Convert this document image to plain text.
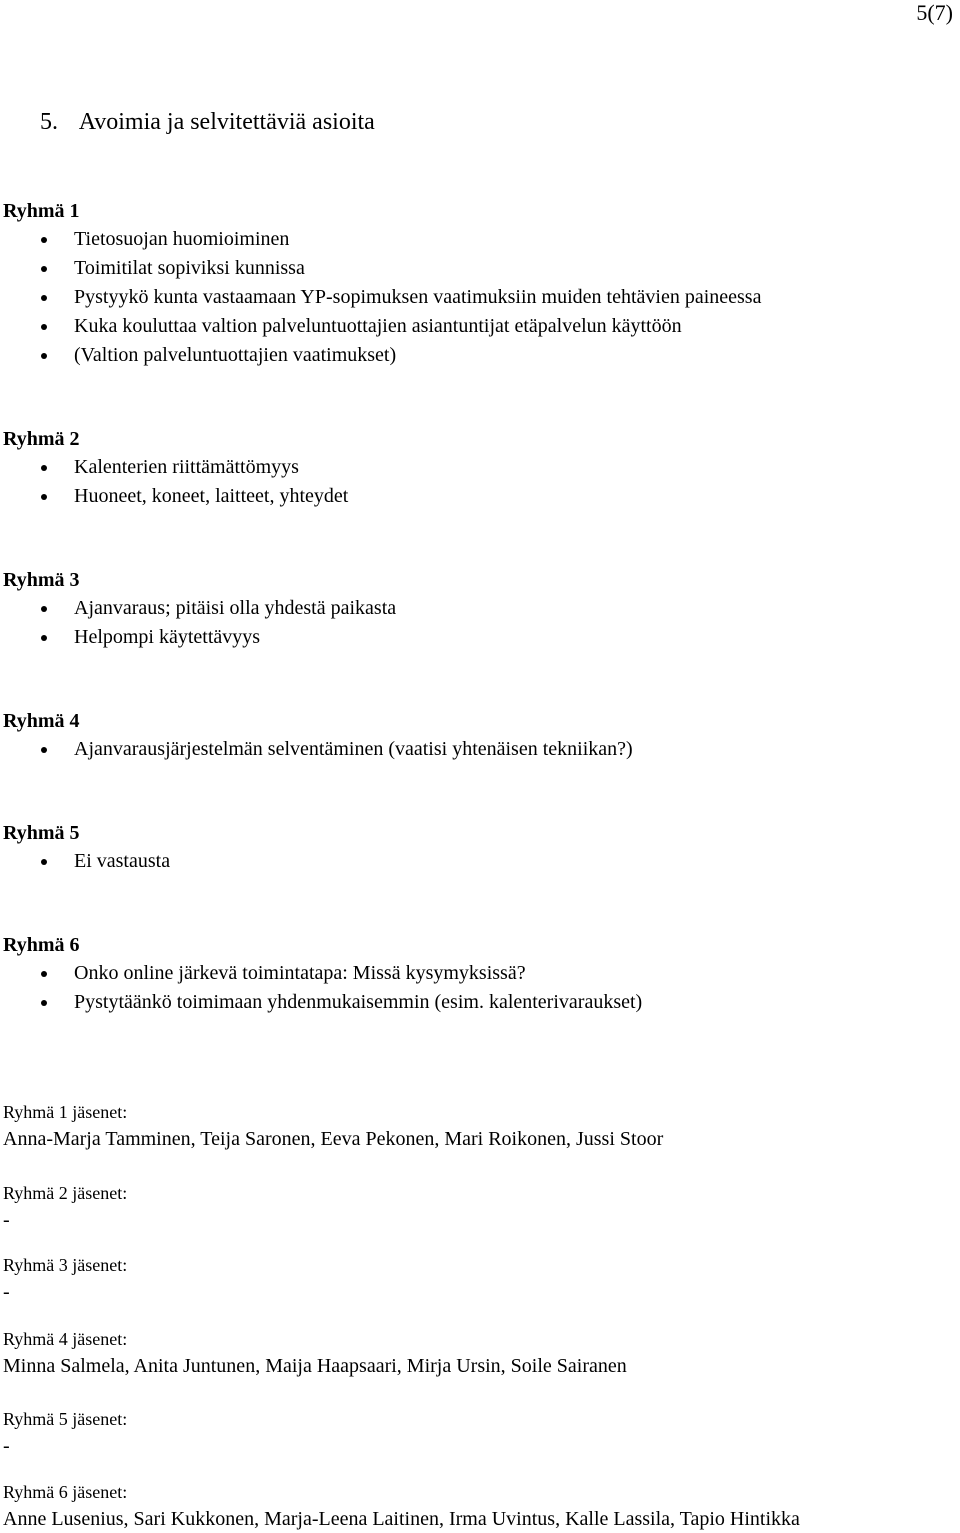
5(7)
5. Avoimia ja selvitettäviä asioita
Ryhmä 1
Tietosuojan huomioiminen
Toimitilat sopiviksi kunnissa
Pystyykö kunta vastaamaan YP-sopimuksen vaatimuksiin muiden tehtävien paineessa
Kuka kouluttaa valtion palveluntuottajien asiantuntijat etäpalvelun käyttöön
(Valtion palveluntuottajien vaatimukset)
Ryhmä 2
Kalenterien riittämättömyys
Huoneet, koneet, laitteet, yhteydet
Ryhmä 3
Ajanvaraus; pitäisi olla yhdestä paikasta
Helpompi käytettävyys
Ryhmä 4
Ajanvarausjärjestelmän selventäminen (vaatisi yhtenäisen tekniikan?)
Ryhmä 5
Ei vastausta
Ryhmä 6
Onko online järkevä toimintatapa: Missä kysymyksissä?
Pystytäänkö toimimaan yhdenmukaisemmin (esim. kalenterivaraukset)
Ryhmä 1 jäsenet:
Anna-Marja Tamminen, Teija Saronen, Eeva Pekonen, Mari Roikonen, Jussi Stoor
Ryhmä 2 jäsenet:
-
Ryhmä 3 jäsenet:
-
Ryhmä 4 jäsenet:
Minna Salmela, Anita Juntunen, Maija Haapsaari, Mirja Ursin, Soile Sairanen
Ryhmä 5 jäsenet:
-
Ryhmä 6 jäsenet:
Anne Lusenius, Sari Kukkonen, Marja-Leena Laitinen, Irma Uvintus, Kalle Lassila, Tapio Hintikka
